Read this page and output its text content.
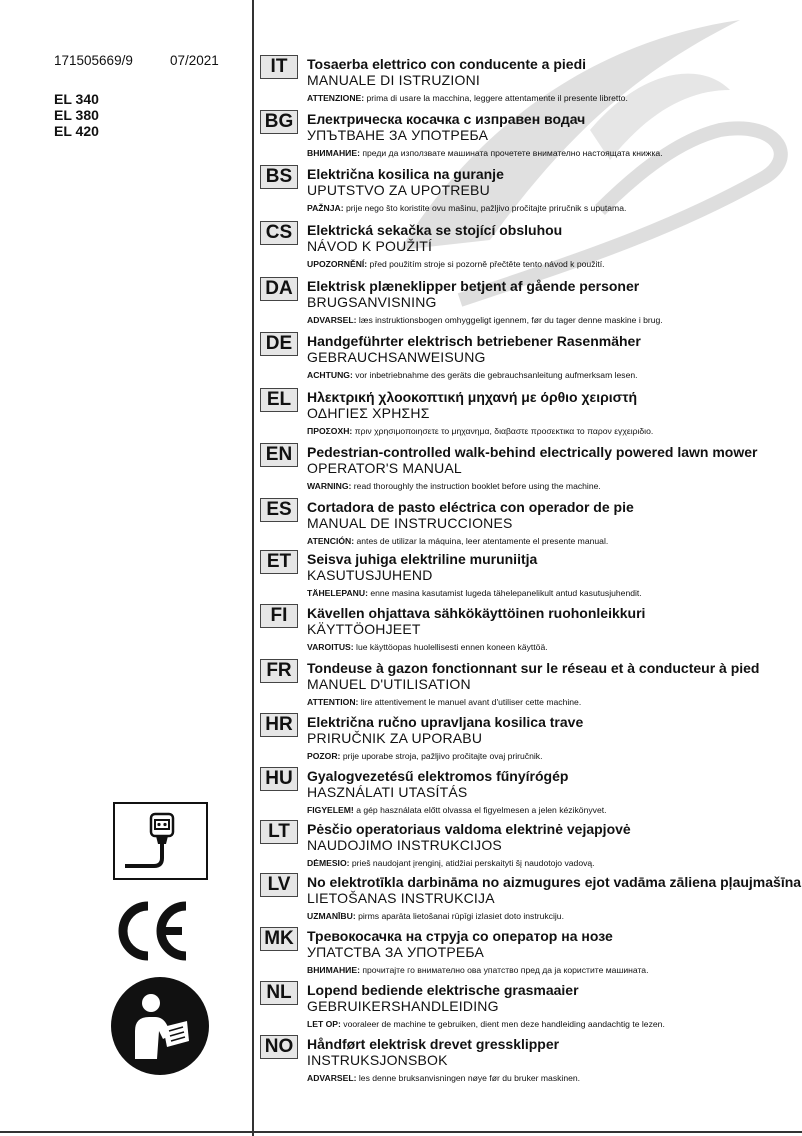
171505669/9	07/2021
EL 340
EL 380
EL 420
IT	Tosaerba elettrico con conducente a piedi
MANUALE DI ISTRUZIONI
ATTENZIONE: prima di usare la macchina, leggere attentamente il presente libretto.
BG Електрическа косачка с изправен водач
УПЪТВАНЕ ЗА УПОТРЕБА
ВНИМАНИЕ: преди да използвате машината прочетете внимателно настоящата книжка.
BS	Električna kosilica na guranje
UPUTSTVO ZA UPOTREBU
PAŽNJA: prije nego što koristite ovu mašinu, pažljivo pročitajte priručnik s uputama.
CS	Elektrická sekačka se stojící obsluhou
NÁVOD K POUŽITÍ
UPOZORNĚNÍ: před použitím stroje si pozorně přečtěte tento návod k použití.
DA	Elektrisk plæneklipper betjent af gående personer
BRUGSANVISNING
ADVARSEL: læs instruktionsbogen omhyggeligt igennem, før du tager denne maskine i brug.
DE	Handgeführter elektrisch betriebener Rasenmäher
GEBRAUCHSANWEISUNG
ACHTUNG: vor inbetriebnahme des geräts die gebrauchsanleitung aufmerksam lesen.
EL	Ηλεκτρική χλοοκοπτική μηχανή με όρθιο χειριστή
ΟΔΗΓΙΕΣ ΧΡΗΣΗΣ
ΠΡΟΣΟΧΗ: πριν χρησιμοποιησετε το μηχανημα, διαβαστε προσεκτικα το παρον εγχειριδιο.
EN	Pedestrian-controlled walk-behind electrically powered lawn mower
OPERATOR'S MANUAL
WARNING: read thoroughly the instruction booklet before using the machine.
ES	Cortadora de pasto eléctrica con operador de pie
MANUAL DE INSTRUCCIONES
ATENCIÓN: antes de utilizar la máquina, leer atentamente el presente manual.
ET	Seisva juhiga elektriline muruniitja
KASUTUSJUHEND
TÄHELEPANU: enne masina kasutamist lugeda tähelepanelikult antud kasutusjuhendit.
FI	Kävellen ohjattava sähkökäyttöinen ruohonleikkuri
KÄYTTÖOHJEET
VAROITUS: lue käyttöopas huolellisesti ennen koneen käyttöä.
FR	Tondeuse à gazon fonctionnant sur le réseau et à conducteur à pied
MANUEL D'UTILISATION
ATTENTION: lire attentivement le manuel avant d'utiliser cette machine.
HR	Električna ručno upravljana kosilica trave
PRIRUČNIK ZA UPORABU
POZOR: prije uporabe stroja, pažljivo pročitajte ovaj priručnik.
HU	Gyalogvezetésű elektromos fűnyírógép
HASZNÁLATI UTASÍTÁS
FIGYELEM! a gép használata előtt olvassa el figyelmesen a jelen kézikönyvet.
LT	Pėsčio operatoriaus valdoma elektrinė vejapjovė
NAUDOJIMO INSTRUKCIJOS
DĖMESIO: prieš naudojant įrenginį, atidžiai perskaityti šį naudotojo vadovą.
LV	No elektrotīkla darbināma no aizmugures ejot vadāma zāliena pļaujmašīna
LIETOŠANAS INSTRUKCIJA
UZMANĪBU: pirms aparāta lietošanai rūpīgi izlasiet doto instrukciju.
MK Тревокосачка на струја со оператор на нозе
УПАТСТВА ЗА УПОТРЕБА
ВНИМАНИЕ: прочитајте го внимателно ова упатство пред да ја користите машината.
NL	Lopend bediende elektrische grasmaaier
GEBRUIKERSHANDLEIDING
LET OP: vooraleer de machine te gebruiken, dient men deze handleiding aandachtig te lezen.
NO Håndført elektrisk drevet gressklipper
INSTRUKSJONSBOK
ADVARSEL: les denne bruksanvisningen nøye før du bruker maskinen.
